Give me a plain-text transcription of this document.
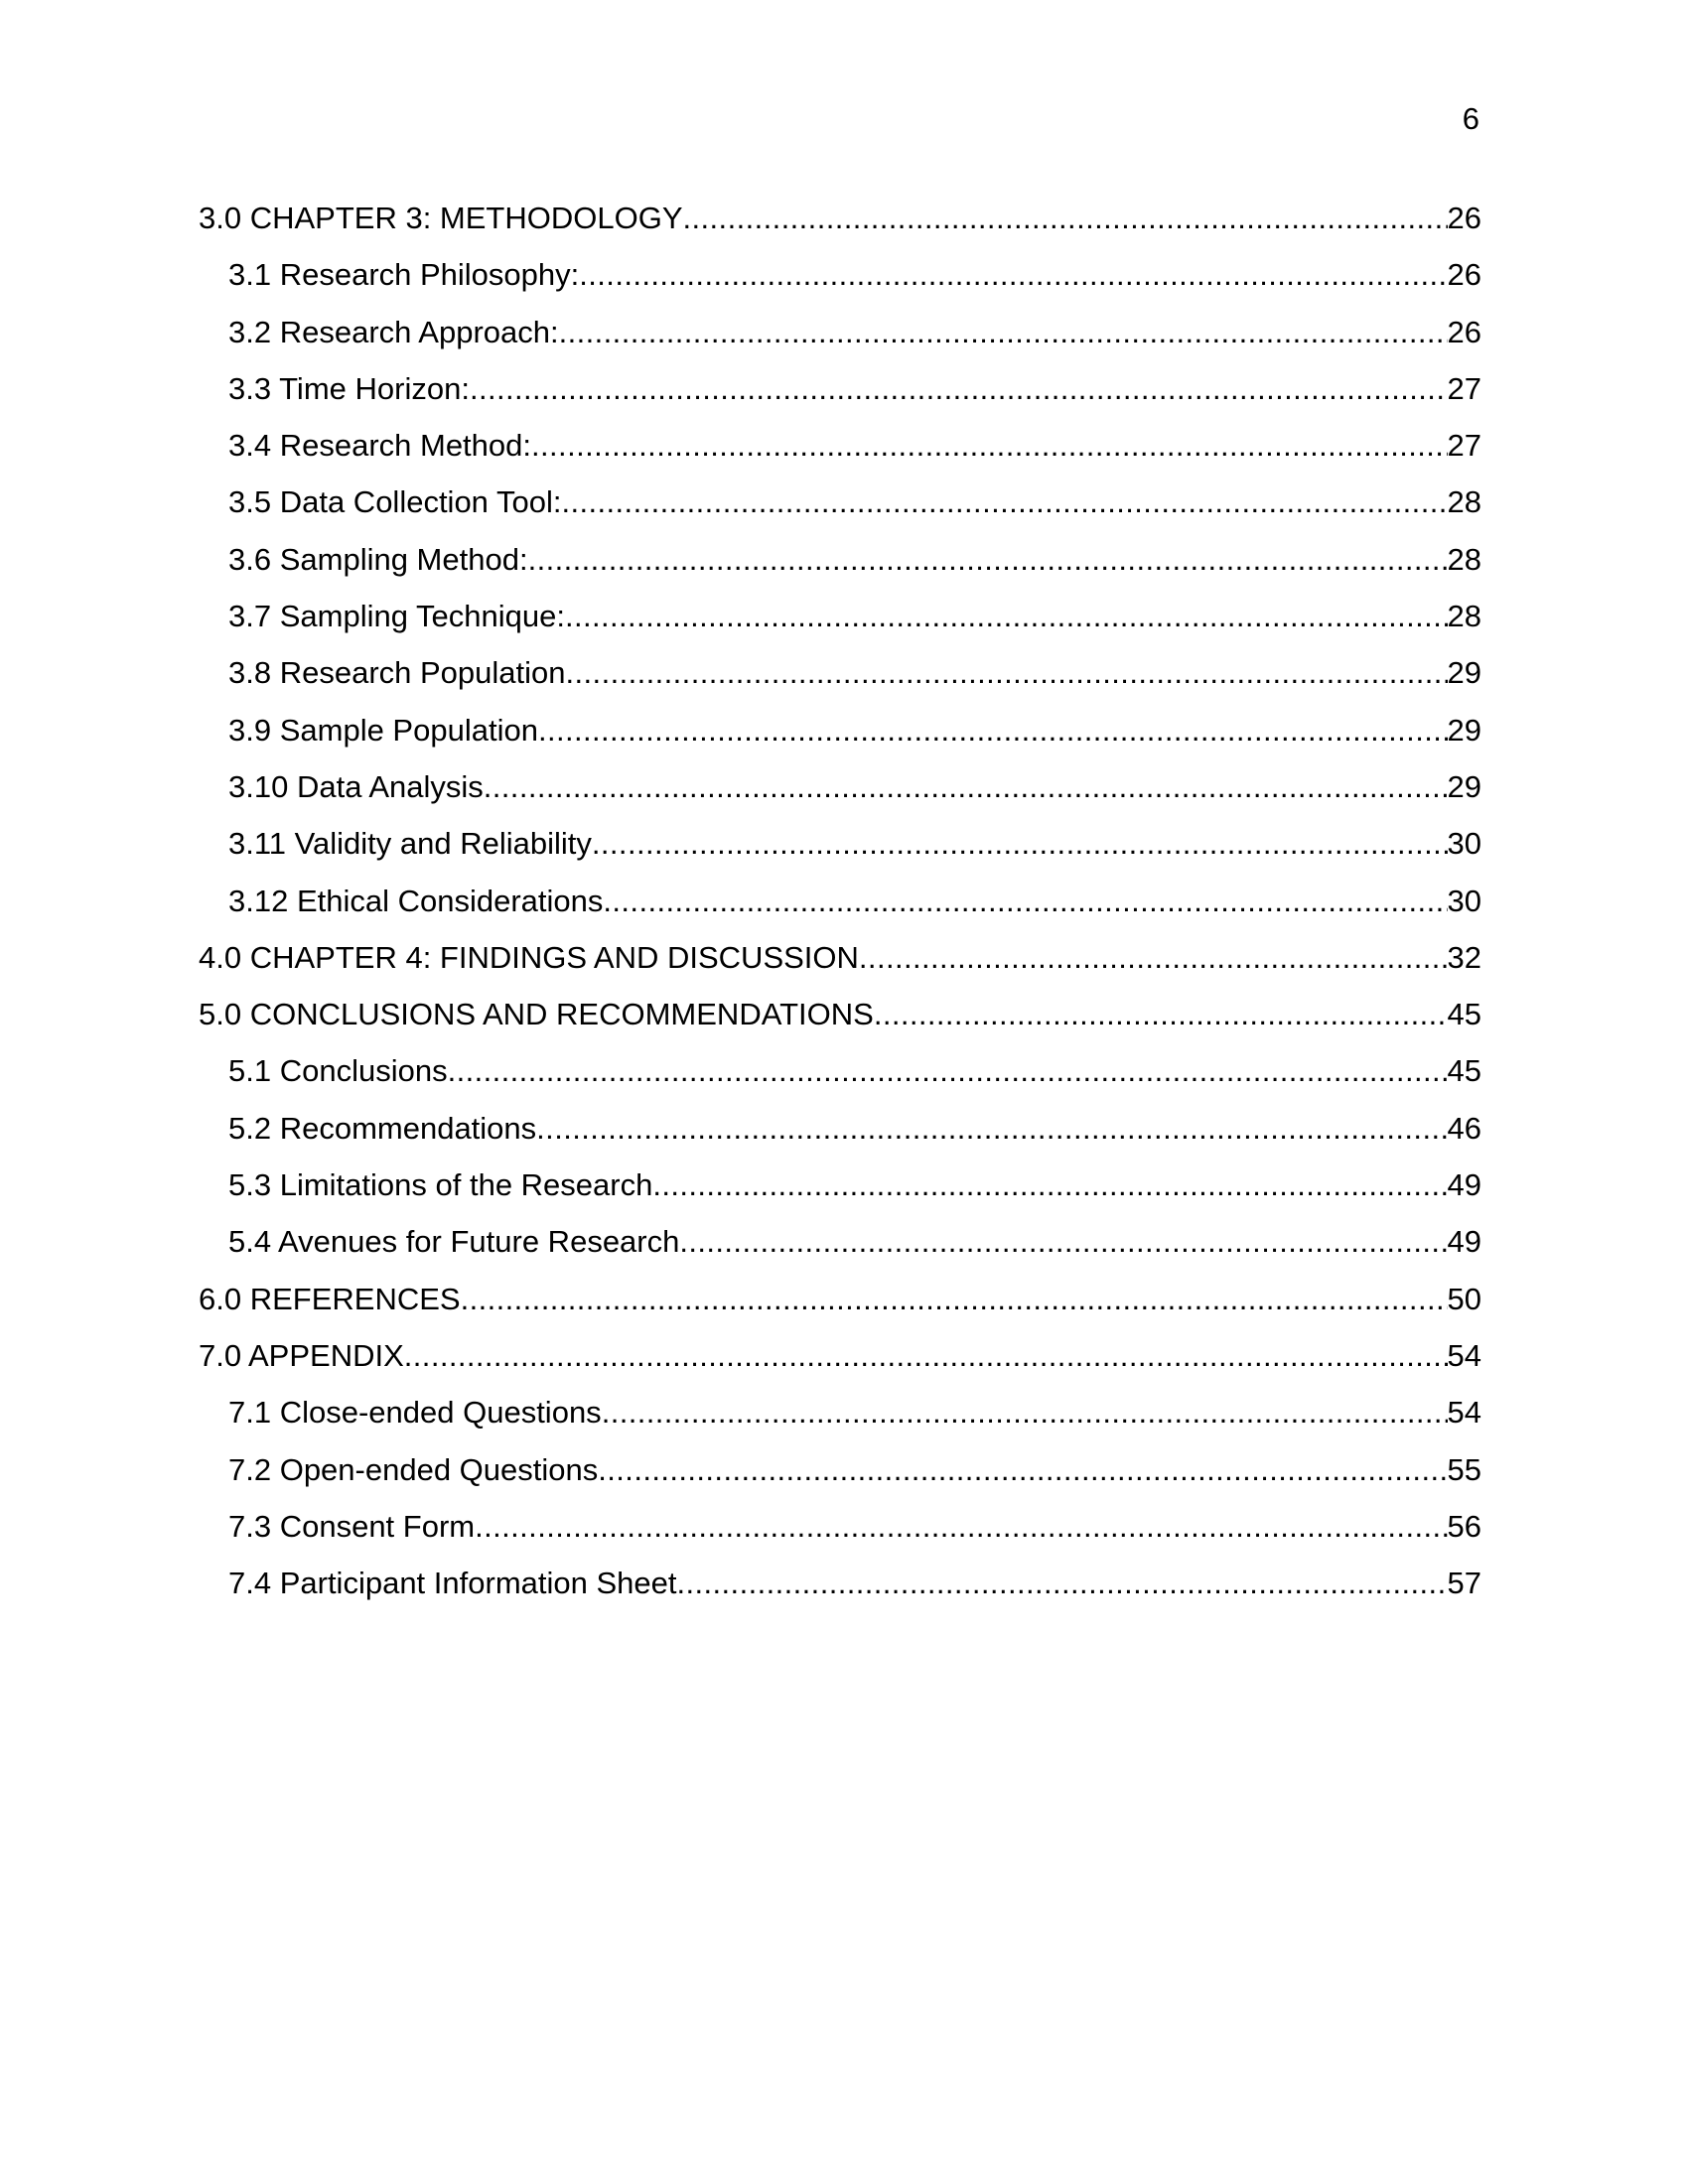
6
3.0 CHAPTER 3: METHODOLOGY .....	26
3.1 Research Philosophy: .....	26
3.2 Research Approach: .....	26
3.3 Time Horizon: .....	27
3.4 Research Method: .....	27
3.5 Data Collection Tool: .....	28
3.6 Sampling Method: .....	28
3.7 Sampling Technique: .....	28
3.8 Research Population .....	29
3.9 Sample Population .....	29
3.10 Data Analysis .....	29
3.11 Validity and Reliability .....	30
3.12 Ethical Considerations .....	30
4.0 CHAPTER 4: FINDINGS AND DISCUSSION .....	32
5.0 CONCLUSIONS AND RECOMMENDATIONS .....	45
5.1 Conclusions .....	45
5.2 Recommendations .....	46
5.3 Limitations of the Research .....	49
5.4 Avenues for Future Research .....	49
6.0 REFERENCES .....	50
7.0 APPENDIX .....	54
7.1 Close-ended Questions .....	54
7.2 Open-ended Questions .....	55
7.3 Consent Form .....	56
7.4 Participant Information Sheet .....	57
